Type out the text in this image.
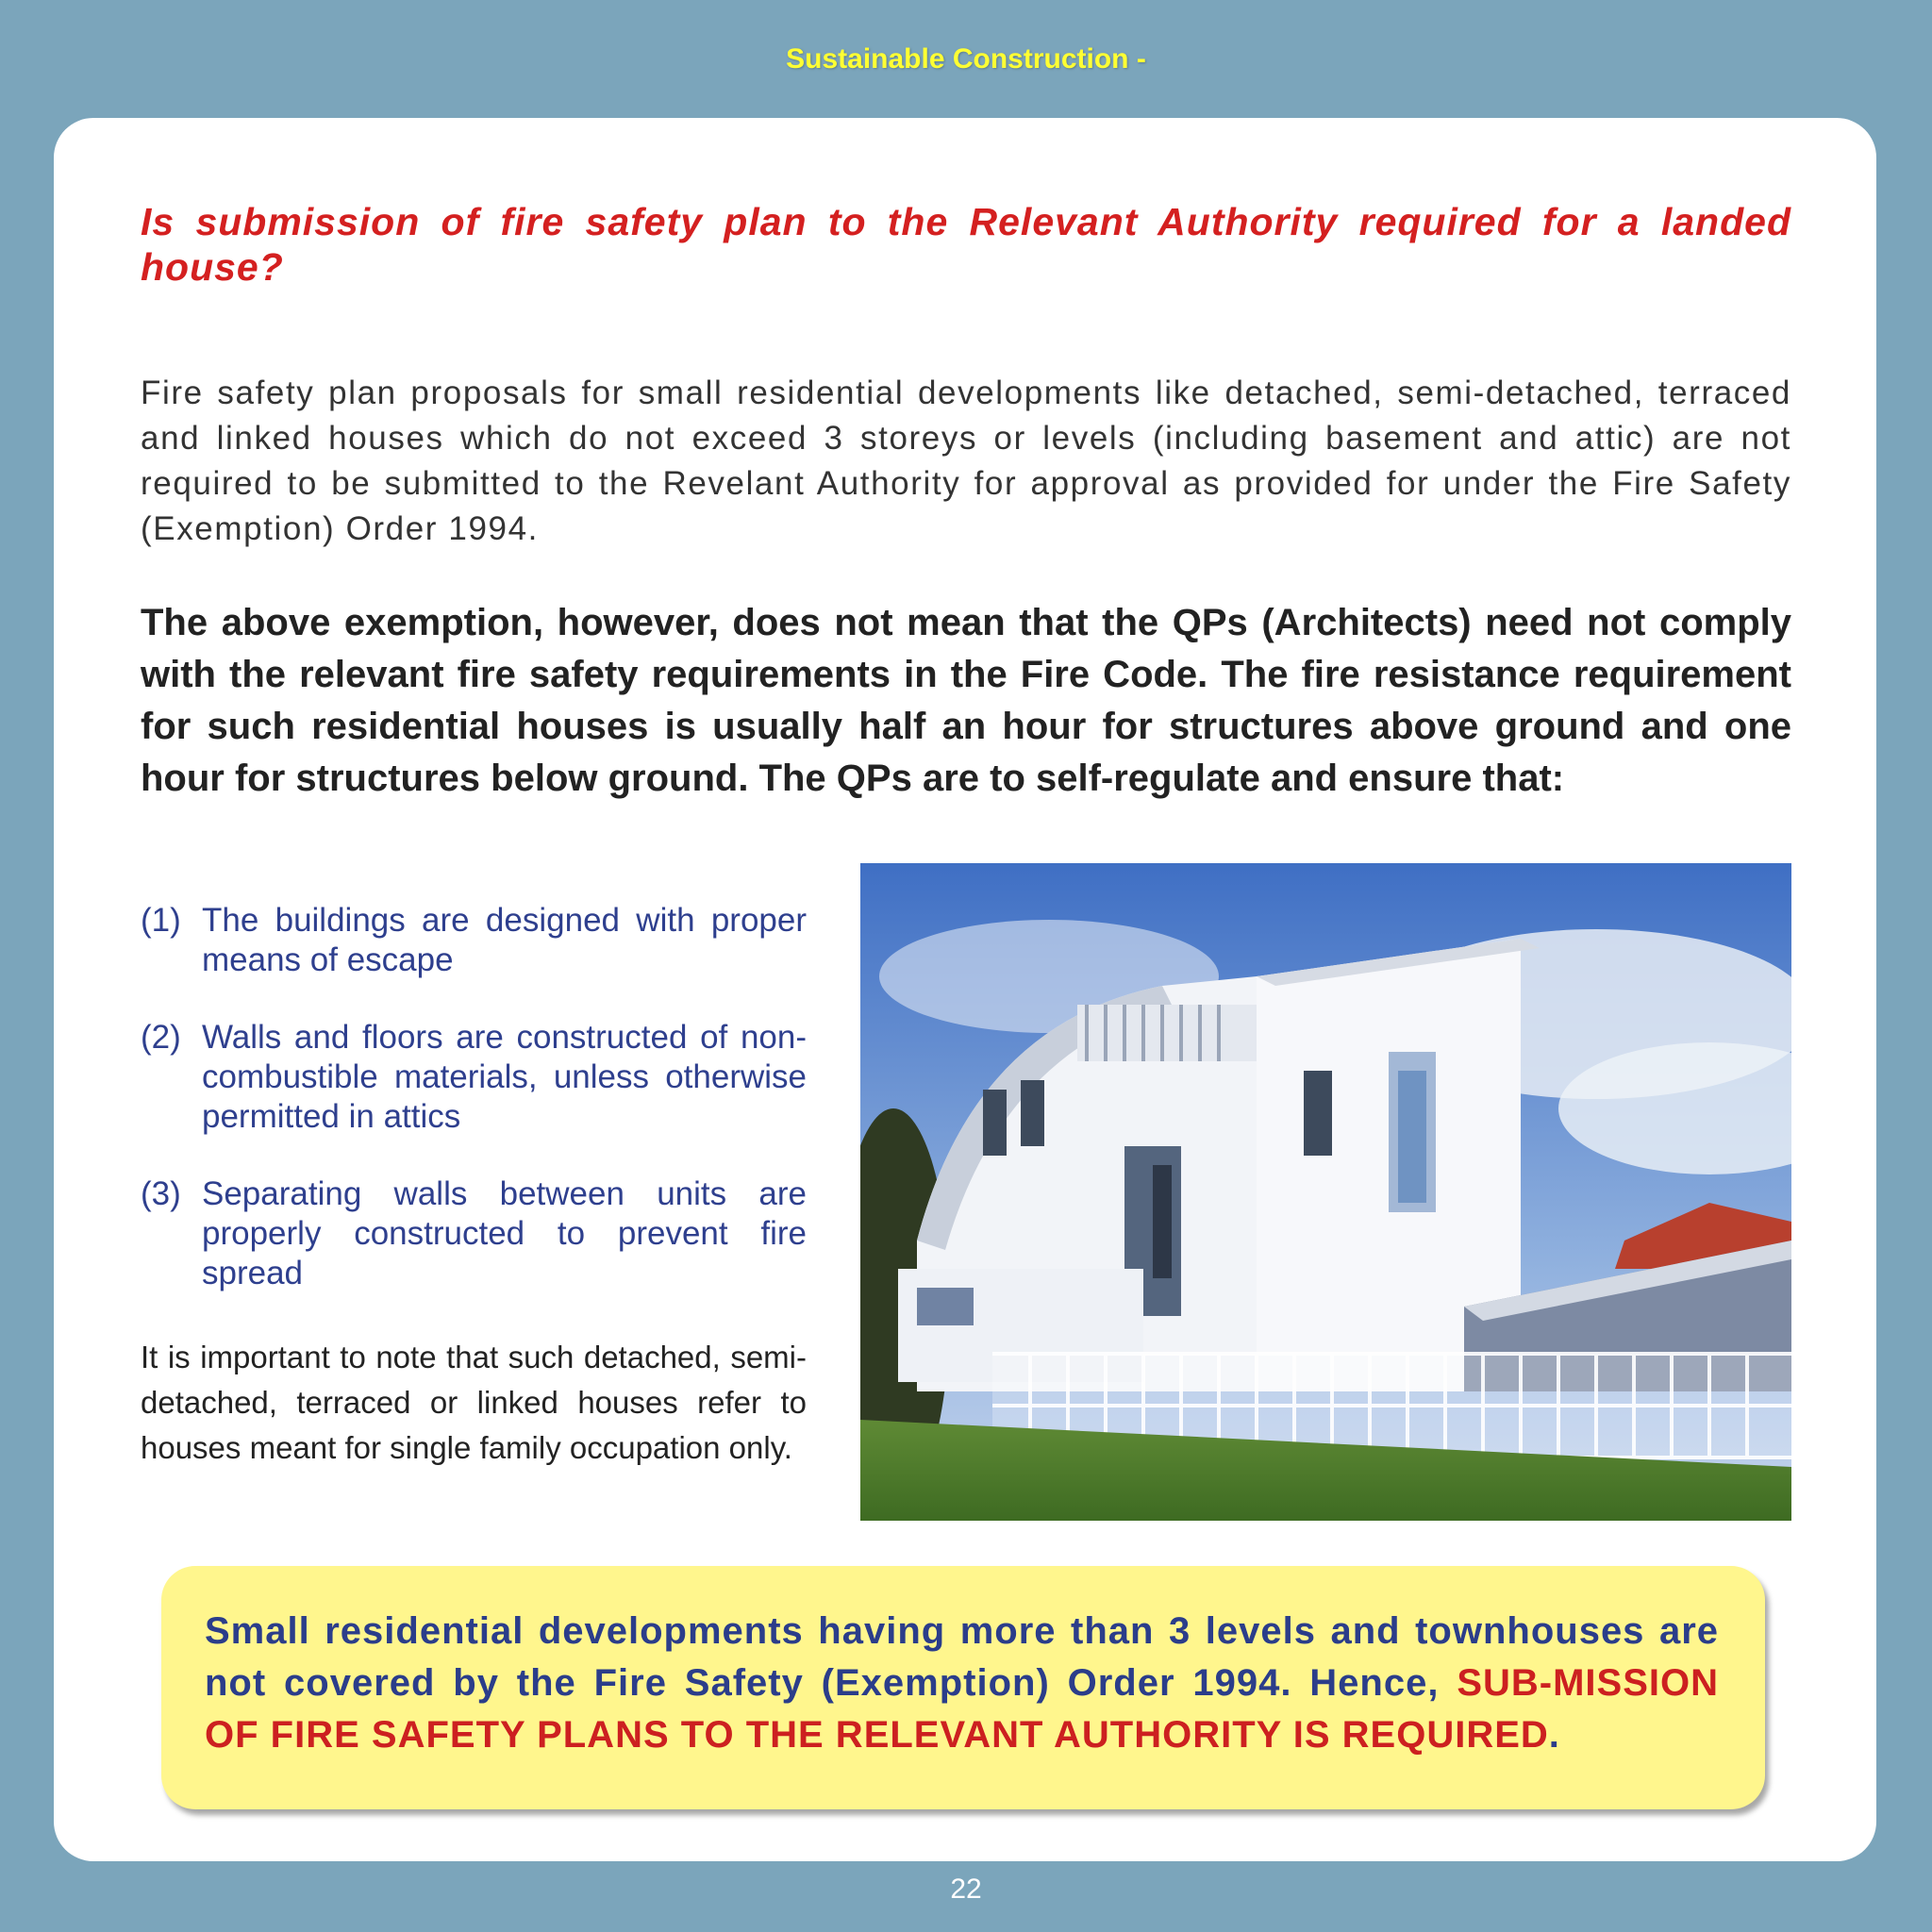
Sustainable Construction -
Is submission of fire safety plan to the Relevant Authority required for a landed house?
Fire safety plan proposals for small residential developments like detached, semi-detached, terraced and linked houses which do not exceed 3 storeys or levels (including basement and attic) are not required to be submitted to the Revelant Authority for approval as provided for under the Fire Safety (Exemption) Order 1994.
The above exemption, however, does not mean that the QPs (Architects) need not comply with the relevant fire safety requirements in the Fire Code. The fire resistance requirement for such residential houses is usually half an hour for structures above ground and one hour for structures below ground. The QPs are to self-regulate and ensure that:
(1) The buildings are designed with proper means of escape
(2) Walls and floors are constructed of non-combustible materials, unless otherwise permitted in attics
(3) Separating walls between units are properly constructed to prevent fire spread
It is important to note that such detached, semi-detached, terraced or linked houses refer to houses meant for single family occupation only.
Small residential developments having more than 3 levels and townhouses are not covered by the Fire Safety (Exemption) Order 1994. Hence, SUB-MISSION OF FIRE SAFETY PLANS TO THE RELEVANT AUTHORITY IS REQUIRED.
22
